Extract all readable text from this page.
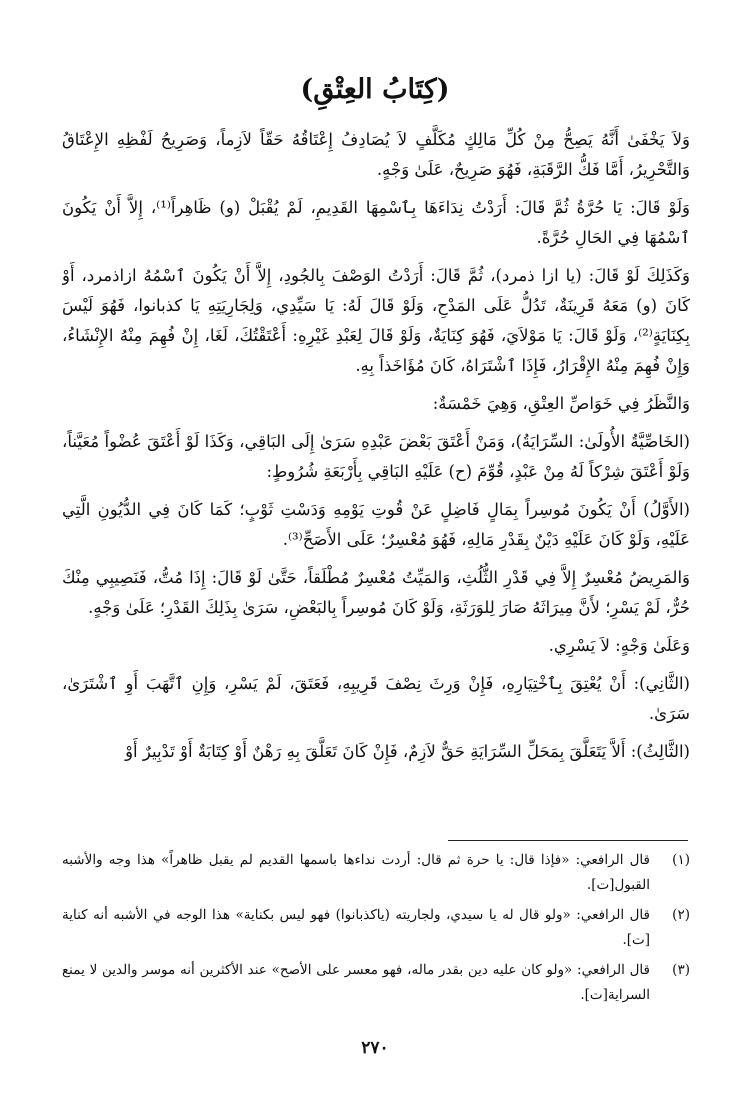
(كِتَابُ العِتْقِ)

وَلاَ يَخْفَىٰ أَنَّهُ يَصِحُّ مِنْ كُلِّ مَالِكٍ مُكَلَّفٍ لاَ يُصَادِفُ إِعْتَاقُهُ حَقّاً لاَزِماً، وَصَرِيحُ لَفْظِهِ الإِعْتَاقُ وَالتَّحْرِيرُ، أَمَّا فَكُّ الرَّقَبَةِ، فَهُوَ صَرِيحٌ، عَلَىٰ وَجْهٍ.

وَلَوْ قَالَ: يَا حُرَّةُ ثُمَّ قَالَ: أَرَدْتُ نِدَاءَهَا بِٱسْمِهَا القَدِيمِ، لَمْ يُقْبَلْ (و) ظَاهِراً⁽¹⁾، إِلاَّ أَنْ يَكُونَ ٱسْمُهَا فِي الحَالِ حُرَّةً.

وَكَذَلِكَ لَوْ قَالَ: (يا ازا ذمرد)، ثُمَّ قَالَ: أَرَدْتُ الوَصْفَ بِالجُودِ، إِلاَّ أَنْ يَكُونَ ٱسْمُهُ ازاذمرد، أَوْ كَانَ (و) مَعَهُ قَرِينَةٌ، تَدُلُّ عَلَى المَدْحِ، وَلَوْ قَالَ لَهُ: يَا سَيِّدِي، وَلِجَارِيَتِهِ يَا كذبانوا، فَهُوَ لَيْسَ بِكِنَايَةٍ⁽²⁾، وَلَوْ قَالَ: يَا مَوْلاَيَ، فَهُوَ كِنَايَةٌ، وَلَوْ قَالَ لِعَبْدِ غَيْرِهِ: أَعْتَقْتُكَ، لَغَا، إِنْ فُهِمَ مِنْهُ الإِنْشَاءُ، وَإِنْ فُهِمَ مِنْهُ الإِقْرَارُ، فَإِذَا ٱشْتَرَاهُ، كَانَ مُؤَاخَذاً بِهِ.

وَالنَّظَرُ فِي خَوَاصِّ العِتْقِ، وَهِيَ خَمْسَةٌ:

(الخَاصِّيَّةُ الأُولَىٰ: السِّرَايَةُ)، وَمَنْ أَعْتَقَ بَعْضَ عَبْدِهِ سَرَىٰ إِلَى البَاقِي، وَكَذَا لَوْ أَعْتَقَ عُضْواً مُعَيَّناً، وَلَوْ أَعْتَقَ شِرْكاً لَهُ مِنْ عَبْدٍ، قُوِّمَ (ح) عَلَيْهِ البَاقِي بِأَرْبَعَةِ شُرُوطٍ:

(الأَوَّلُ) أَنْ يَكُونَ مُوسِراً بِمَالٍ فَاضِلٍ عَنْ قُوتِ يَوْمِهِ وَدَسْتِ ثَوْبٍ؛ كَمَا كَانَ فِي الدُّيُونِ الَّتِي عَلَيْهِ، وَلَوْ كَانَ عَلَيْهِ دَيْنٌ بِقَدْرِ مَالِهِ، فَهُوَ مُعْسِرٌ؛ عَلَى الأَصَحِّ⁽³⁾.

وَالمَرِيضُ مُعْسِرٌ إِلاَّ فِي قَدْرِ الثُّلُثِ، وَالمَيِّتُ مُعْسِرٌ مُطْلَقاً، حَتَّىٰ لَوْ قَالَ: إِذَا مُتُّ، فَنَصِيبِي مِنْكَ حُرٌّ، لَمْ يَسْرِ؛ لأَنَّ مِيرَاثَهُ صَارَ لِلوَرَثَةِ، وَلَوْ كَانَ مُوسِراً بِالبَعْضِ، سَرَىٰ بِذَلِكَ القَدْرِ؛ عَلَىٰ وَجْهٍ.

وَعَلَىٰ وَجْهٍ: لاَ يَسْرِي.

(الثَّانِي): أَنْ يُعْتِقَ بِٱخْتِيَارِهِ، فَإِنْ وَرِثَ نِصْفَ قَرِيبِهِ، فَعَتَقَ، لَمْ يَسْرِ، وَإِنِ ٱتَّهَبَ أَوِ ٱشْتَرَىٰ، سَرَىٰ.

(الثَّالِثُ): أَلاَّ يَتَعَلَّقَ بِمَحَلِّ السِّرَايَةِ حَقٌّ لاَزِمٌ، فَإِنْ كَانَ تَعَلَّقَ بِهِ رَهْنٌ أَوْ كِتَابَةٌ أَوْ تَدْبِيرٌ أَوْ

(١)
قال الرافعي: «فإذا قال: يا حرة ثم قال: أردت نداءها باسمها القديم لم يقبل ظاهراً» هذا وجه والأشبه القبول[ت].
(٢)
قال الرافعي: «ولو قال له يا سيدي، ولجاريته (ياكذبانوا) فهو ليس بكناية» هذا الوجه في الأشبه أنه كناية [ت].
(٣)
قال الرافعي: «ولو كان عليه دين بقدر ماله، فهو معسر على الأصح» عند الأكثرين أنه موسر والدين لا يمنع السراية[ت].
٢٧٠
